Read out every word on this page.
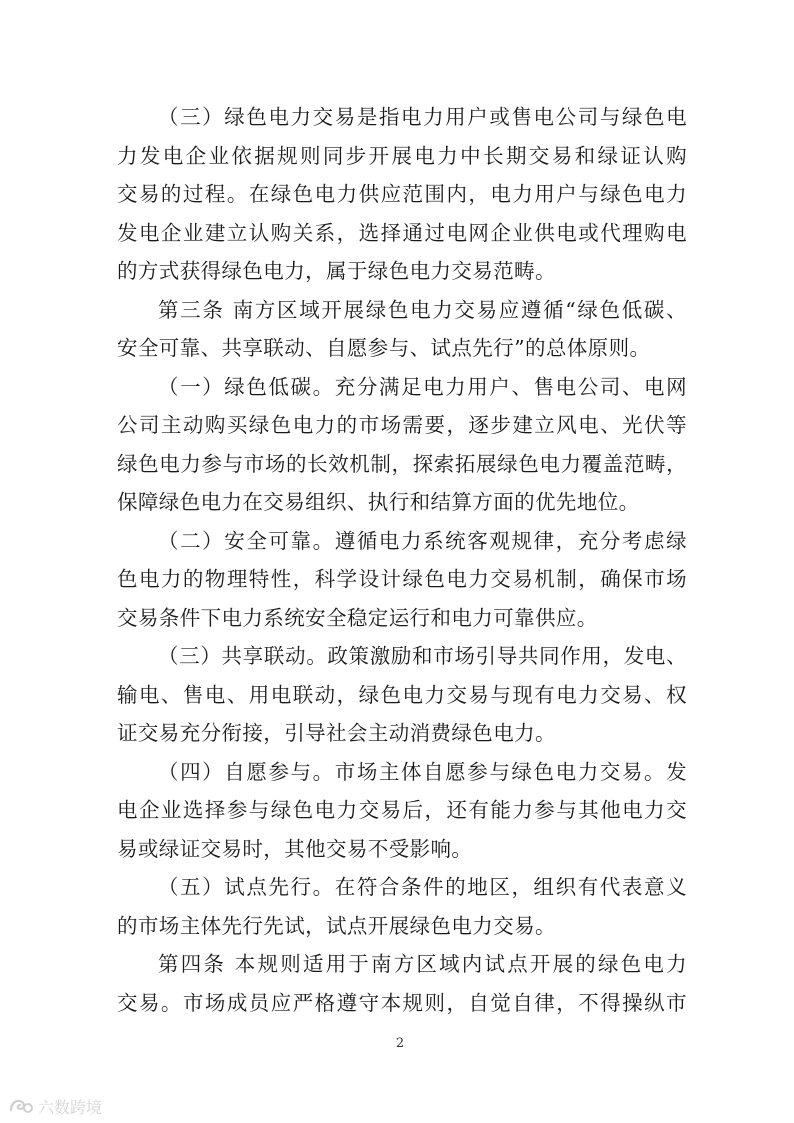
（三）绿色电力交易是指电力用户或售电公司与绿色电
力发电企业依据规则同步开展电力中长期交易和绿证认购
交易的过程。在绿色电力供应范围内，电力用户与绿色电力
发电企业建立认购关系，选择通过电网企业供电或代理购电
的方式获得绿色电力，属于绿色电力交易范畴。
第三条 南方区域开展绿色电力交易应遵循“绿色低碳、
安全可靠、共享联动、自愿参与、试点先行”的总体原则。
（一）绿色低碳。充分满足电力用户、售电公司、电网
公司主动购买绿色电力的市场需要，逐步建立风电、光伏等
绿色电力参与市场的长效机制，探索拓展绿色电力覆盖范畴，
保障绿色电力在交易组织、执行和结算方面的优先地位。
（二）安全可靠。遵循电力系统客观规律，充分考虑绿
色电力的物理特性，科学设计绿色电力交易机制，确保市场
交易条件下电力系统安全稳定运行和电力可靠供应。
（三）共享联动。政策激励和市场引导共同作用，发电、
输电、售电、用电联动，绿色电力交易与现有电力交易、权
证交易充分衔接，引导社会主动消费绿色电力。
（四）自愿参与。市场主体自愿参与绿色电力交易。发
电企业选择参与绿色电力交易后，还有能力参与其他电力交
易或绿证交易时，其他交易不受影响。
（五）试点先行。在符合条件的地区，组织有代表意义
的市场主体先行先试，试点开展绿色电力交易。
第四条 本规则适用于南方区域内试点开展的绿色电力
交易。市场成员应严格遵守本规则，自觉自律，不得操纵市
2
六数跨境
